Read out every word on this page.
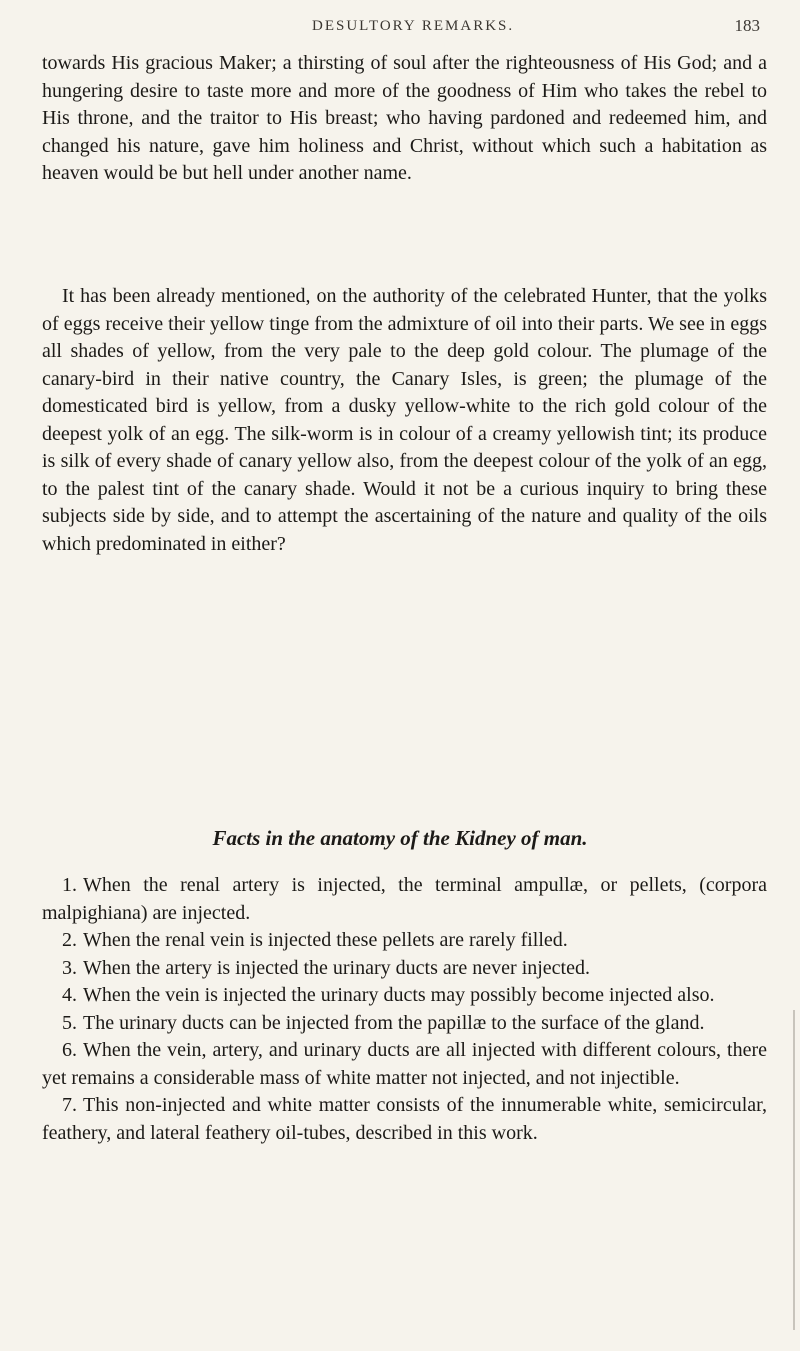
DESULTORY REMARKS.	183

towards His gracious Maker; a thirsting of soul after the righteousness of His God; and a hungering desire to taste more and more of the goodness of Him who takes the rebel to His throne, and the traitor to His breast; who having pardoned and redeemed him, and changed his nature, gave him holiness and Christ, without which such a habitation as heaven would be but hell under another name.

It has been already mentioned, on the authority of the celebrated Hunter, that the yolks of eggs receive their yellow tinge from the admixture of oil into their parts. We see in eggs all shades of yellow, from the very pale to the deep gold colour. The plumage of the canary-bird in their native country, the Canary Isles, is green; the plumage of the domesticated bird is yellow, from a dusky yellow-white to the rich gold colour of the deepest yolk of an egg. The silk-worm is in colour of a creamy yellowish tint; its produce is silk of every shade of canary yellow also, from the deepest colour of the yolk of an egg, to the palest tint of the canary shade. Would it not be a curious inquiry to bring these subjects side by side, and to attempt the ascertaining of the nature and quality of the oils which predominated in either?

Facts in the anatomy of the Kidney of man.
1. When the renal artery is injected, the terminal ampullæ, or pellets, (corpora malpighiana) are injected.
2. When the renal vein is injected these pellets are rarely filled.
3. When the artery is injected the urinary ducts are never injected.
4. When the vein is injected the urinary ducts may possibly become injected also.
5. The urinary ducts can be injected from the papillæ to the surface of the gland.
6. When the vein, artery, and urinary ducts are all injected with different colours, there yet remains a considerable mass of white matter not injected, and not injectible.
7. This non-injected and white matter consists of the innumerable white, semicircular, feathery, and lateral feathery oil-tubes, described in this work.
